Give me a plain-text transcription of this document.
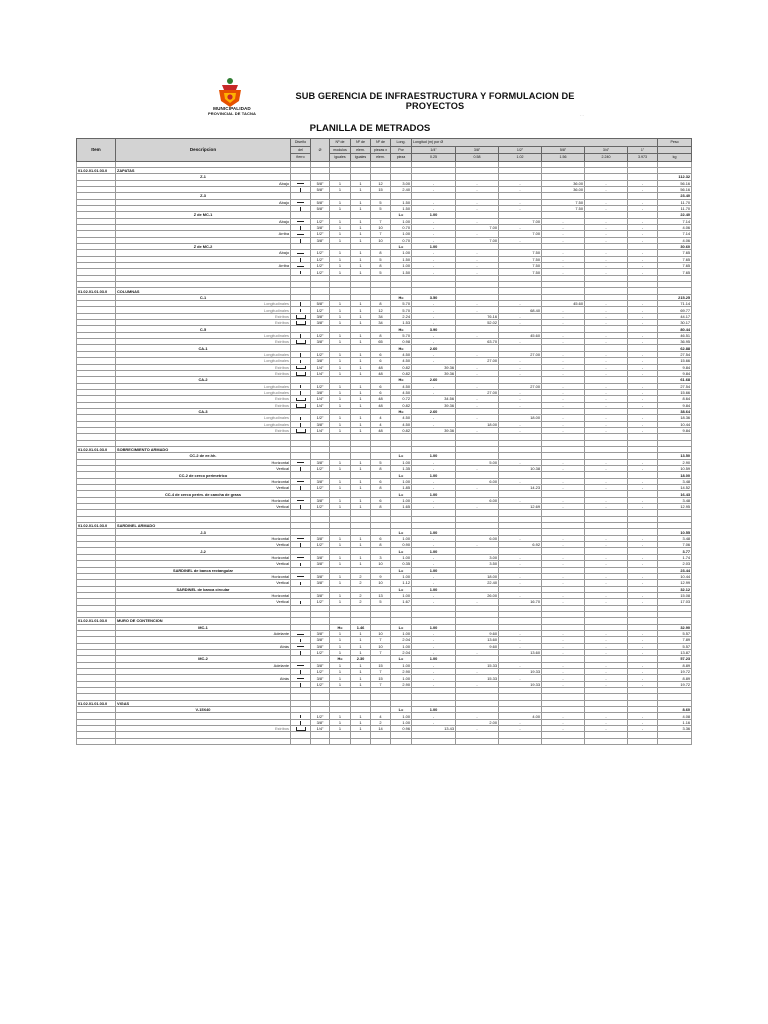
MUNICIPALIDAD
PROVINCIAL DE TACNA
SUB GERENCIA DE INFRAESTRUCTURA Y FORMULACION DE
PROYECTOS
PLANILLA DE METRADOS
- -
Item	Descripcion	Diseño	Ø	Nº de	Nº de	Nº de	Long.	Longitud (m) por Ø						Peso
		del		modulos	elem.	piezas x	Por	1/4"	3/8"	1/2"	5/8"	3/4"	1"	
		fierro		iguales	iguales	elem.	pieza	0.25	0.58	1.02	1.56	2.240	3.973	kg

01.02.01.01.03.0	ZAPATAS													
	Z-1													112.32
	Abajo		5/8"	1	1	12	3.00	-	-	-	36.00	-	-	56.16
			5/8"	1	1	15	2.40	-	-	-	36.00	-	-	56.16
	Z-3													23.40
	Abajo		5/8"	1	1	5	1.50	-	-	-	7.50	-	-	11.70
			5/8"	1	1	5	1.50	-	-	-	7.50	-	-	11.70
	Z de MC-1						L=	1.00						22.40
	Abajo		1/2"	1	1	7	1.00	-	-	7.00	-	-	-	7.14
			3/8"	1	1	10	0.70	-	7.00	-	-	-	-	4.06
	Arriba		1/2"	1	1	7	1.00	-	-	7.00	-	-	-	7.14
			3/8"	1	1	10	0.70	-	7.00	-	-	-	-	4.06
	Z de MC-2						L=	1.00						30.60
	Abajo		1/2"	1	1	8	1.00	-	-	7.50	-	-	-	7.65
			1/2"	1	1	5	1.50	-	-	7.50	-	-	-	7.65
	Arriba		1/2"	1	1	8	1.00	-	-	7.50	-	-	-	7.65
			1/2"	1	1	5	1.50	-	-	7.50	-	-	-	7.65

01.02.01.01.03.0	COLUMNAS													
	C-1						H=	3.50						215.25
	Longitudinales		5/8"	1	1	8	5.70	-	-	-	45.60	-	-	71.14
	Longitudinales		1/2"	1	1	12	5.70	-	-	68.40	-	-	-	69.77
	Estribos		3/8"	1	1	34	2.24	-	76.16	-	-	-	-	44.17
	Estribos		3/8"	1	1	34	1.53	-	52.02	-	-	-	-	30.17
	C-5						H=	3.90						80.44
	Longitudinales		1/2"	1	1	8	5.70	-	-	45.60	-	-	-	46.51
	Estribos		3/8"	1	1	65	0.98	-	63.70	-	-	-	-	36.95
	CA-1						H=	2.60						62.88
	Longitudinales		1/2"	1	1	6	4.50	-	-	27.00	-	-	-	27.54
	Longitudinales		3/8"	1	1	6	4.50	-	27.00	-	-	-	-	15.66
	Estribos		1/4"	1	1	48	0.82	39.36	-	-	-	-	-	9.84
	Estribos		1/4"	1	1	48	0.82	39.36	-	-	-	-	-	9.84
	CA-2						H=	2.60						61.68
	Longitudinales		1/2"	1	1	6	4.50	-	-	27.00	-	-	-	27.54
	Longitudinales		3/8"	1	1	6	4.50	-	27.00	-	-	-	-	15.66
	Estribos		1/4"	1	1	48	0.72	34.56	-	-	-	-	-	8.64
	Estribos		1/4"	1	1	48	0.82	39.36	-	-	-	-	-	9.84
	CA-3						H=	2.60						38.64
	Longitudinales		1/2"	1	1	4	4.50	-	-	18.00	-	-	-	18.36
	Longitudinales		3/8"	1	1	4	4.50	-	18.00	-	-	-	-	10.44
	Estribos		1/4"	1	1	48	0.82	39.36	-	-	-	-	-	9.84

01.02.01.01.03.0	SOBRECIMIENTO ARMADO													
	CC-2 de ee.hh.						L=	1.00						13.50
	Horizontal		3/8"	1	1	5	1.00	-	5.00	-	-	-	-	2.90
	Vertical		1/2"	1	1	8	1.35	-	-	10.38	-	-	-	10.59
	CC-2 de cerco perimetrico						L=	1.00						18.00
	Horizontal		3/8"	1	1	6	1.00	-	6.00	-	-	-	-	3.48
	Vertical		1/2"	1	1	8	1.85	-	-	14.23	-	-	-	14.52
	CC-4 de cerco perim. de cancha de grass						L=	1.00						16.43
	Horizontal		3/8"	1	1	6	1.00	-	6.00	-	-	-	-	3.48
	Vertical		1/2"	1	1	8	1.65	-	-	12.69	-	-	-	12.95

01.02.01.01.03.0	SARDINEL ARMADO													
	J-3						L=	1.00						10.55
	Horizontal		3/8"	1	1	6	1.00	-	6.00	-	-	-	-	3.48
	Vertical		1/2"	1	1	8	0.90	-	-	6.92	-	-	-	7.06
	J-2						L=	1.00						3.77
	Horizontal		3/8"	1	1	3	1.00	-	3.00	-	-	-	-	1.74
	Vertical		3/8"	1	1	10	0.35	-	3.50	-	-	-	-	2.03
	SARDINEL de banca rectangular						L=	1.00						23.44
	Horizontal		3/8"	1	2	9	1.00	-	18.00	-	-	-	-	10.44
	Vertical		3/8"	1	2	10	1.12	-	22.40	-	-	-	-	12.99
	SARDINEL de banca circular						L=	1.00						32.12
	Horizontal		3/8"	1	2	13	1.00	-	26.00	-	-	-	-	15.08
	Vertical		1/2"	1	2	5	1.67	-	-	16.70	-	-	-	17.03

01.02.01.01.03.0	MURO DE CONTENCION													
	MC-1			H=	1.46		L=	1.00						32.90
	Adelante		3/8"	1	1	10	1.00	-	9.60	-	-	-	-	5.57
			3/8"	1	1	7	2.04	-	13.60	-	-	-	-	7.89
	Atrás		3/8"	1	1	10	1.00	-	9.60	-	-	-	-	5.57
			1/2"	1	1	7	2.04	-	-	13.60	-	-	-	13.87
	MC-2			H=	2.30		L=	1.00						57.23
	Adelante		3/8"	1	1	15	1.00	-	15.33	-	-	-	-	8.89
			1/2"	1	1	7	2.90	-	-	19.33	-	-	-	19.72
	Atrás		3/8"	1	1	15	1.00	-	15.33	-	-	-	-	8.89
			1/2"	1	1	7	2.90	-	-	19.33	-	-	-	19.72

01.02.01.01.03.0	VIGAS													
	V-15X40						L=	1.00						8.60
			1/2"	1	1	4	1.00	-	-	4.00	-	-	-	4.08
			3/8"	1	1	2	1.00	-	2.00	-	-	-	-	1.16
	Estribos		1/4"	1	1	14	0.96	13.43	-	-	-	-	-	3.36
